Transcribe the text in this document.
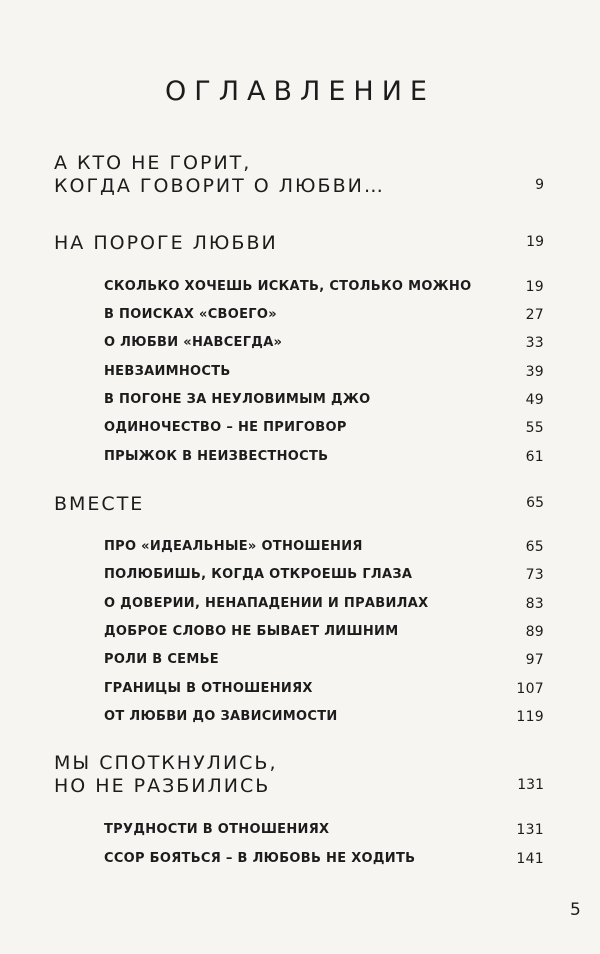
ОГЛАВЛЕНИЕ
А КТО НЕ ГОРИТ,
КОГДА ГОВОРИТ О ЛЮБВИ…	9
НА ПОРОГЕ ЛЮБВИ	19
СКОЛЬКО ХОЧЕШЬ ИСКАТЬ, СТОЛЬКО МОЖНО	19
В ПОИСКАХ «СВОЕГО»	27
О ЛЮБВИ «НАВСЕГДА»	33
НЕВЗАИМНОСТЬ	39
В ПОГОНЕ ЗА НЕУЛОВИМЫМ ДЖО	49
ОДИНОЧЕСТВО – НЕ ПРИГОВОР	55
ПРЫЖОК В НЕИЗВЕСТНОСТЬ	61
ВМЕСТЕ	65
ПРО «ИДЕАЛЬНЫЕ» ОТНОШЕНИЯ	65
ПОЛЮБИШЬ, КОГДА ОТКРОЕШЬ ГЛАЗА	73
О ДОВЕРИИ, НЕНАПАДЕНИИ И ПРАВИЛАХ	83
ДОБРОЕ СЛОВО НЕ БЫВАЕТ ЛИШНИМ	89
РОЛИ В СЕМЬЕ	97
ГРАНИЦЫ В ОТНОШЕНИЯХ	107
ОТ ЛЮБВИ ДО ЗАВИСИМОСТИ	119
МЫ СПОТКНУЛИСЬ,
НО НЕ РАЗБИЛИСЬ	131
ТРУДНОСТИ В ОТНОШЕНИЯХ	131
ССОР БОЯТЬСЯ – В ЛЮБОВЬ НЕ ХОДИТЬ	141
5
